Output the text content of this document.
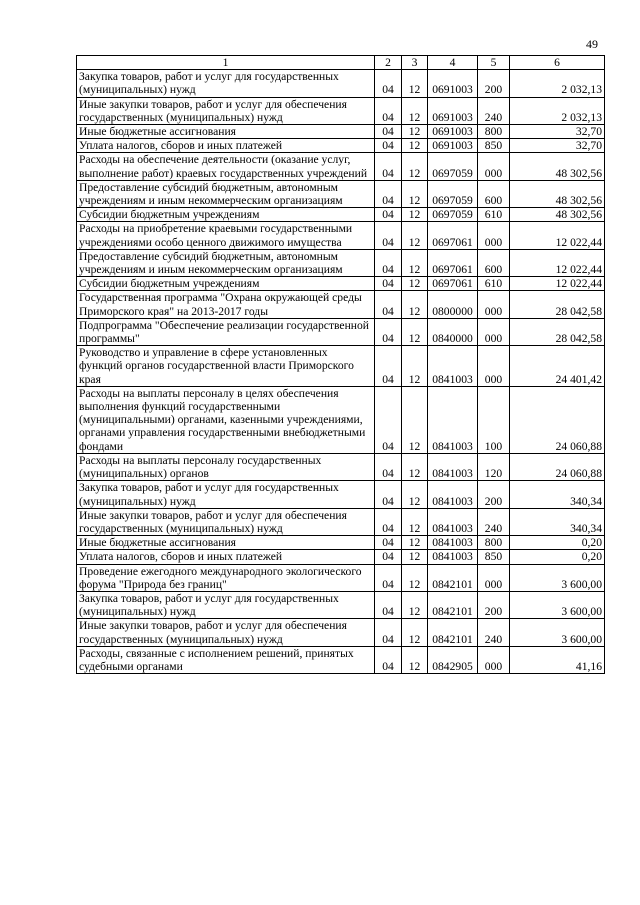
49
1	2	3	4	5	6
Закупка товаров, работ и услуг для государственных (муниципальных) нужд	04	12	0691003	200	2 032,13
Иные закупки товаров, работ и услуг для обеспечения государственных (муниципальных) нужд	04	12	0691003	240	2 032,13
Иные бюджетные ассигнования	04	12	0691003	800	32,70
Уплата налогов, сборов и иных платежей	04	12	0691003	850	32,70
Расходы на обеспечение деятельности (оказание услуг, выполнение работ) краевых государственных учреждений	04	12	0697059	000	48 302,56
Предоставление субсидий бюджетным, автономным учреждениям и иным некоммерческим организациям	04	12	0697059	600	48 302,56
Субсидии бюджетным учреждениям	04	12	0697059	610	48 302,56
Расходы на приобретение краевыми государственными учреждениями особо ценного движимого имущества	04	12	0697061	000	12 022,44
Предоставление субсидий бюджетным, автономным учреждениям и иным некоммерческим организациям	04	12	0697061	600	12 022,44
Субсидии бюджетным учреждениям	04	12	0697061	610	12 022,44
Государственная программа "Охрана окружающей среды Приморского края" на 2013-2017 годы	04	12	0800000	000	28 042,58
Подпрограмма "Обеспечение реализации государственной программы"	04	12	0840000	000	28 042,58
Руководство и управление в сфере установленных функций органов государственной власти Приморского края	04	12	0841003	000	24 401,42
Расходы на выплаты персоналу в целях обеспечения выполнения функций государственными (муниципальными) органами, казенными учреждениями, органами управления государственными внебюджетными фондами	04	12	0841003	100	24 060,88
Расходы на выплаты персоналу государственных (муниципальных) органов	04	12	0841003	120	24 060,88
Закупка товаров, работ и услуг для государственных (муниципальных) нужд	04	12	0841003	200	340,34
Иные закупки товаров, работ и услуг для обеспечения государственных (муниципальных) нужд	04	12	0841003	240	340,34
Иные бюджетные ассигнования	04	12	0841003	800	0,20
Уплата налогов, сборов и иных платежей	04	12	0841003	850	0,20
Проведение ежегодного международного экологического форума "Природа без границ"	04	12	0842101	000	3 600,00
Закупка товаров, работ и услуг для государственных (муниципальных) нужд	04	12	0842101	200	3 600,00
Иные закупки товаров, работ и услуг для обеспечения государственных (муниципальных) нужд	04	12	0842101	240	3 600,00
Расходы, связанные с исполнением решений, принятых судебными органами	04	12	0842905	000	41,16
